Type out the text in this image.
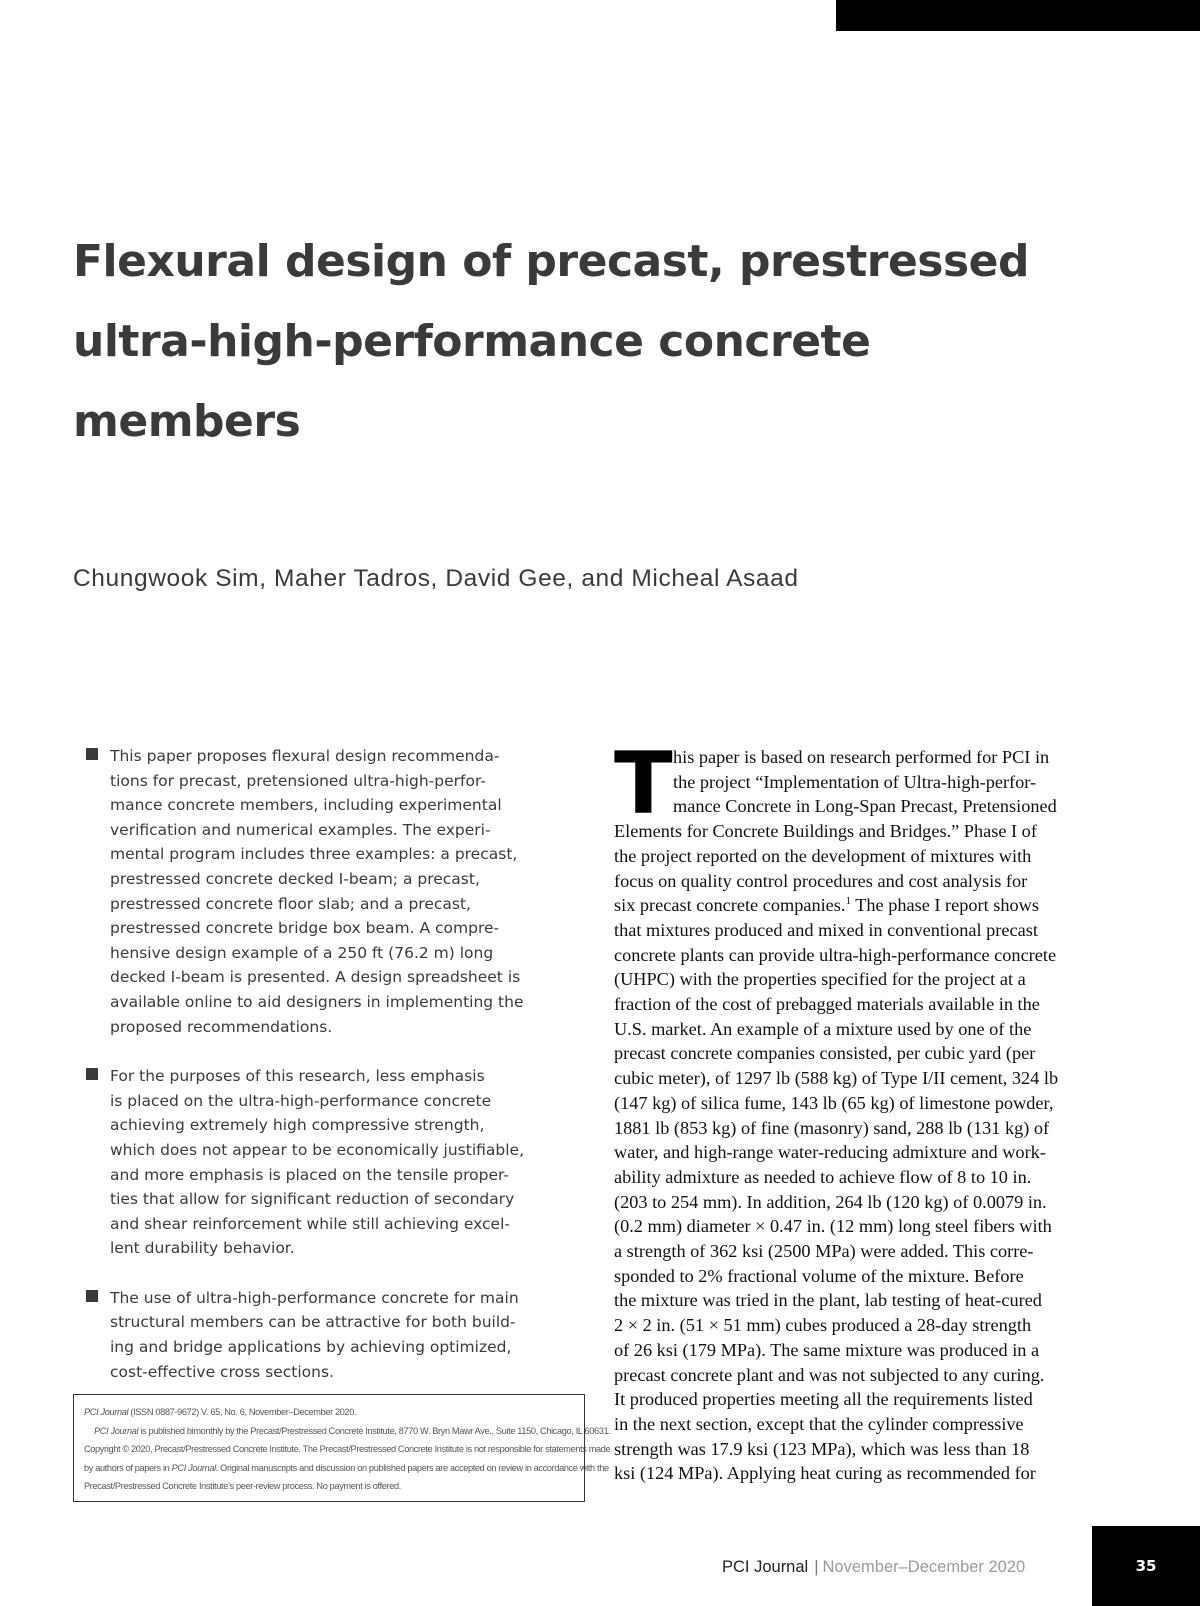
Flexural design of precast, prestressed
ultra-high-performance concrete
members

Chungwook Sim, Maher Tadros, David Gee, and Micheal Asaad

This paper proposes flexural design recommenda-
tions for precast, pretensioned ultra-high-perfor-
mance concrete members, including experimental
verification and numerical examples. The experi-
mental program includes three examples: a precast,
prestressed concrete decked I-beam; a precast,
prestressed concrete floor slab; and a precast,
prestressed concrete bridge box beam. A compre-
hensive design example of a 250 ft (76.2 m) long
decked I-beam is presented. A design spreadsheet is
available online to aid designers in implementing the
proposed recommendations.
For the purposes of this research, less emphasis
is placed on the ultra-high-performance concrete
achieving extremely high compressive strength,
which does not appear to be economically justifiable,
and more emphasis is placed on the tensile proper-
ties that allow for significant reduction of secondary
and shear reinforcement while still achieving excel-
lent durability behavior.
The use of ultra-high-performance concrete for main
structural members can be attractive for both build-
ing and bridge applications by achieving optimized,
cost-effective cross sections.
PCI Journal (ISSN 0887-9672) V. 65, No. 6, November–December 2020.
PCI Journal is published bimonthly by the Precast/Prestressed Concrete Institute, 8770 W. Bryn Mawr Ave., Suite 1150, Chicago, IL 60631.
Copyright © 2020, Precast/Prestressed Concrete Institute. The Precast/Prestressed Concrete Institute is not responsible for statements made
by authors of papers in PCI Journal. Original manuscripts and discussion on published papers are accepted on review in accordance with the
Precast/Prestressed Concrete Institute’s peer-review process. No payment is offered.
T his paper is based on research performed for PCI in
the project “Implementation of Ultra-high-perfor-
mance Concrete in Long-Span Precast, Pretensioned
Elements for Concrete Buildings and Bridges.” Phase I of
the project reported on the development of mixtures with
focus on quality control procedures and cost analysis for
six precast concrete companies.$^1$ The phase I report shows
that mixtures produced and mixed in conventional precast
concrete plants can provide ultra-high-performance concrete
(UHPC) with the properties specified for the project at a
fraction of the cost of prebagged materials available in the
U.S. market. An example of a mixture used by one of the
precast concrete companies consisted, per cubic yard (per
cubic meter), of 1297 lb (588 kg) of Type I/II cement, 324 lb
(147 kg) of silica fume, 143 lb (65 kg) of limestone powder,
1881 lb (853 kg) of fine (masonry) sand, 288 lb (131 kg) of
water, and high-range water-reducing admixture and work-
ability admixture as needed to achieve flow of 8 to 10 in.
(203 to 254 mm). In addition, 264 lb (120 kg) of 0.0079 in.
(0.2 mm) diameter × 0.47 in. (12 mm) long steel fibers with
a strength of 362 ksi (2500 MPa) were added. This corre-
sponded to 2% fractional volume of the mixture. Before
the mixture was tried in the plant, lab testing of heat-cured
2 × 2 in. (51 × 51 mm) cubes produced a 28-day strength
of 26 ksi (179 MPa). The same mixture was produced in a
precast concrete plant and was not subjected to any curing.
It produced properties meeting all the requirements listed
in the next section, except that the cylinder compressive
strength was 17.9 ksi (123 MPa), which was less than 18
ksi (124 MPa). Applying heat curing as recommended for
PCI Journal | November–December 2020	35
